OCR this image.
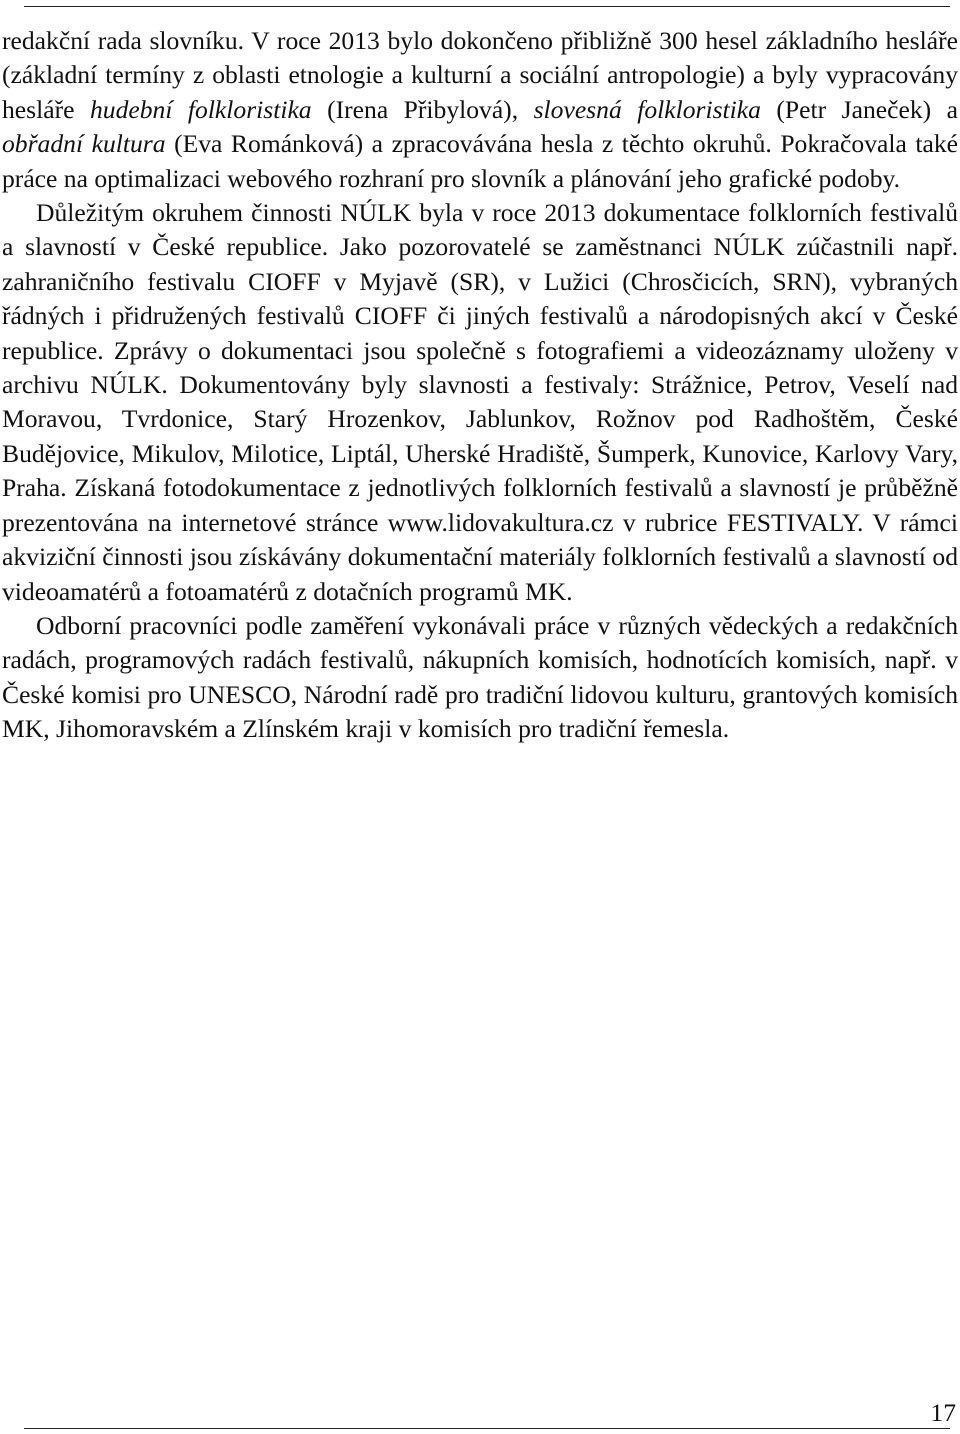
redakční rada slovníku. V roce 2013 bylo dokončeno přibližně 300 hesel základního hesláře (základní termíny z oblasti etnologie a kulturní a sociální antropologie) a byly vypracovány hesláře hudební folkloristika (Irena Přibylová), slovesná folkloristika (Petr Janeček) a obřadní kultura (Eva Románková) a zpracovávána hesla z těchto okruhů. Pokračovala také práce na optimalizaci webového rozhraní pro slovník a plánování jeho grafické podoby.

Důležitým okruhem činnosti NÚLK byla v roce 2013 dokumentace folklorních festivalů a slavností v České republice. Jako pozorovatelé se zaměstnanci NÚLK zúčastnili např. zahraničního festivalu CIOFF v Myjavě (SR), v Lužici (Chrosčicích, SRN), vybraných řádných i přidružených festivalů CIOFF či jiných festivalů a národopisných akcí v České republice. Zprávy o dokumentaci jsou společně s fotografiemi a videozáznamy uloženy v archivu NÚLK. Dokumentovány byly slavnosti a festivaly: Strážnice, Petrov, Veselí nad Moravou, Tvrdonice, Starý Hrozenkov, Jablunkov, Rožnov pod Radhoštěm, České Budějovice, Mikulov, Milotice, Liptál, Uherské Hradiště, Šumperk, Kunovice, Karlovy Vary, Praha. Získaná fotodokumentace z jednotlivých folklorních festivalů a slavností je průběžně prezentována na internetové stránce www.lidovakultura.cz v rubrice FESTIVALY. V rámci akviziční činnosti jsou získávány dokumentační materiály folklorních festivalů a slavností od videoamatérů a fotoamatérů z dotačních programů MK.

Odborní pracovníci podle zaměření vykonávali práce v různých vědeckých a redakčních radách, programových radách festivalů, nákupních komisích, hodnotících komisích, např. v České komisi pro UNESCO, Národní radě pro tradiční lidovou kulturu, grantových komisích MK, Jihomoravském a Zlínském kraji v komisích pro tradiční řemesla.

17
